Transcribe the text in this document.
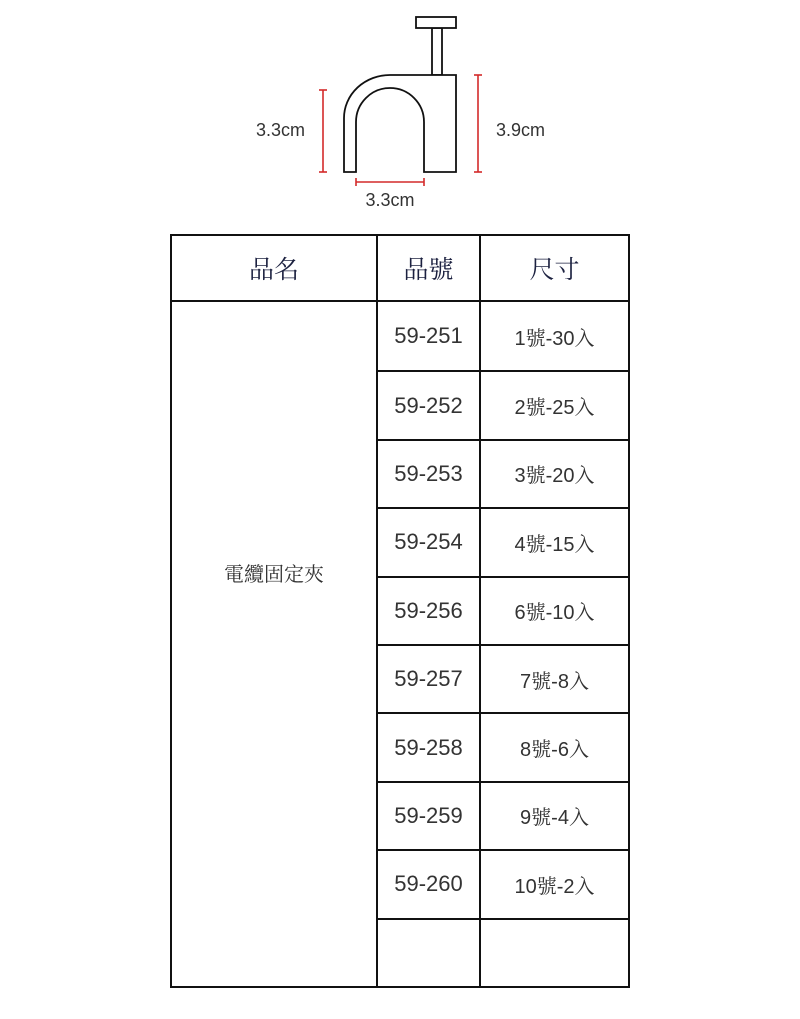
3.3cm	3.9cm
3.3cm
品名	品號	尺寸
電纜固定夾
59-251	1號-30入
59-252	2號-25入
59-253	3號-20入
59-254	4號-15入
59-256	6號-10入
59-257	7號-8入
59-258	8號-6入
59-259	9號-4入
59-260	10號-2入
